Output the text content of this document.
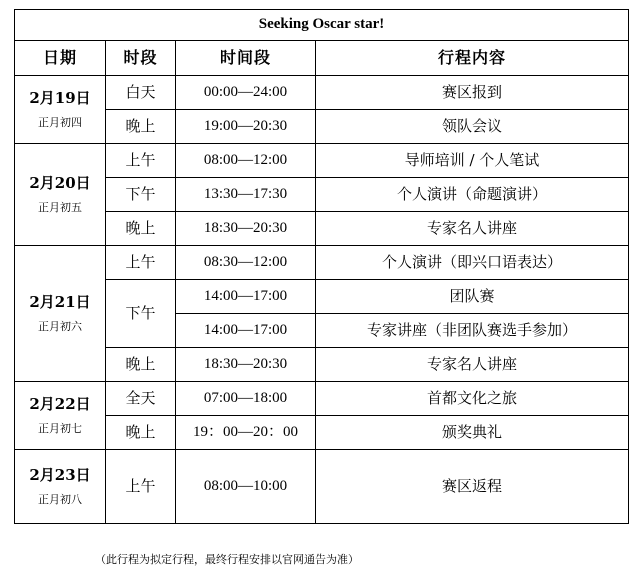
Seeking Oscar star!			
日期	时段	时间段	行程内容

2月19日
正月初四	白天	00:00—24:00	赛区报到
	晚上	19:00—20:30	领队会议

2月20日
正月初五	上午	08:00—12:00	导师培训 / 个人笔试
	下午	13:30—17:30	个人演讲（命题演讲）
	晚上	18:30—20:30	专家名人讲座

2月21日
正月初六	上午	08:30—12:00	个人演讲（即兴口语表达）
	下午	14:00—17:00	团队赛
		14:00—17:00	专家讲座（非团队赛选手参加）
	晚上	18:30—20:30	专家名人讲座

2月22日
正月初七	全天	07:00—18:00	首都文化之旅
	晚上	19：00—20：00	颁奖典礼

2月23日
正月初八	上午	08:00—10:00	赛区返程
（此行程为拟定行程，最终行程安排以官网通告为准）
